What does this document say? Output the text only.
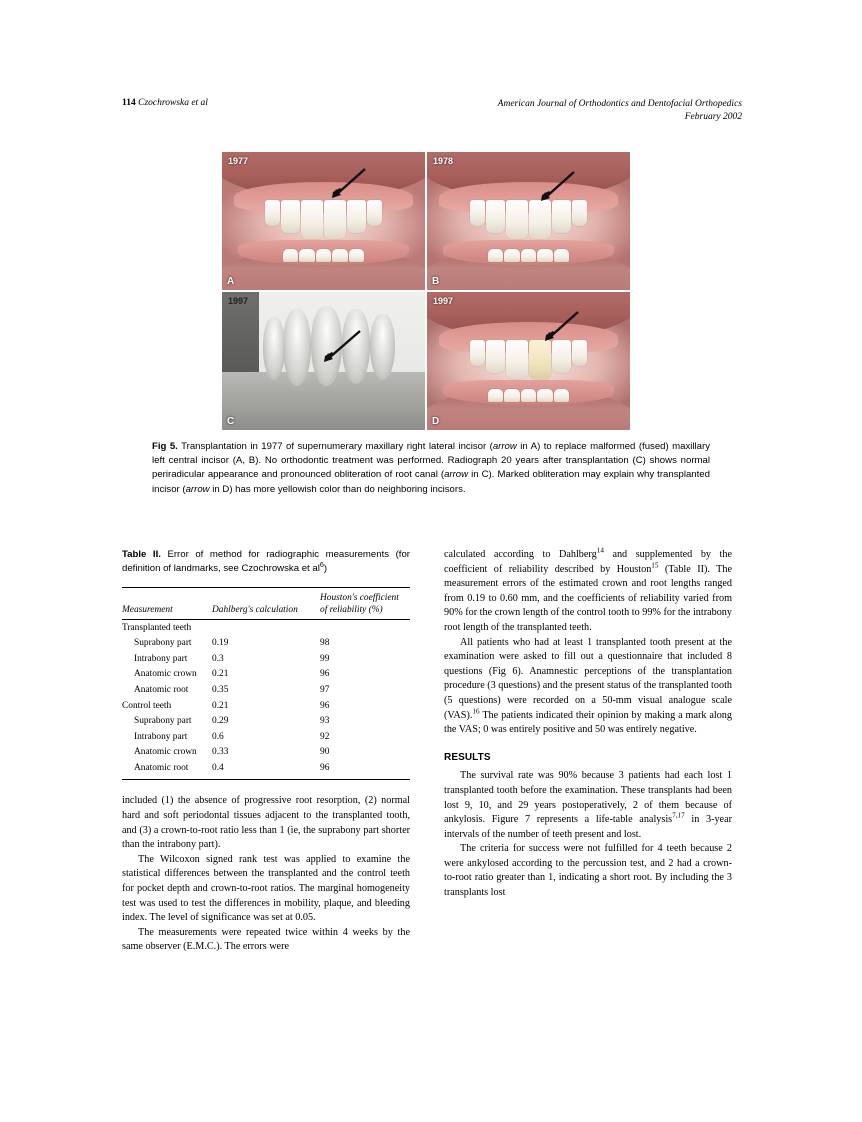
114 Czochrowska et al	American Journal of Orthodontics and Dentofacial Orthopedics
February 2002
1977
A
1978
B
1997
C
1997
D
Fig 5. Transplantation in 1977 of supernumerary maxillary right lateral incisor (arrow in A) to replace malformed (fused) maxillary left central incisor (A, B). No orthodontic treatment was performed. Radiograph 20 years after transplantation (C) shows normal periradicular appearance and pronounced obliteration of root canal (arrow in C). Marked obliteration may explain why transplanted incisor (arrow in D) has more yellowish color than do neighboring incisors.
Table II. Error of method for radiographic measurements (for definition of landmarks, see Czochrowska et $al^6$)
Measurement	Dahlberg's calculation	Houston's coefficient of reliability (%)
Transplanted teeth		
Suprabony part	0.19	98
Intrabony part	0.3	99
Anatomic crown	0.21	96
Anatomic root	0.35	97
Control teeth	0.21	96
Suprabony part	0.29	93
Intrabony part	0.6	92
Anatomic crown	0.33	90
Anatomic root	0.4	96

included (1) the absence of progressive root resorption, (2) normal hard and soft periodontal tissues adjacent to the transplanted tooth, and (3) a crown-to-root ratio less than 1 (ie, the suprabony part shorter than the intrabony part).

The Wilcoxon signed rank test was applied to examine the statistical differences between the transplanted and the control teeth for pocket depth and crown-to-root ratios. The marginal homogeneity test was used to test the differences in mobility, plaque, and bleeding index. The level of significance was set at 0.05.

The measurements were repeated twice within 4 weeks by the same observer (E.M.C.). The errors were

calculated according to Dahlberg$^{14}$ and supplemented by the coefficient of reliability described by Houston$^{15}$ (Table II). The measurement errors of the estimated crown and root lengths ranged from 0.19 to 0.60 mm, and the coefficients of reliability varied from 90% for the crown length of the control tooth to 99% for the intrabony root length of the transplanted teeth.

All patients who had at least 1 transplanted tooth present at the examination were asked to fill out a questionnaire that included 8 questions (Fig 6). Anamnestic perceptions of the transplantation procedure (3 questions) and the present status of the transplanted tooth (5 questions) were recorded on a 50-mm visual analogue scale (VAS).$^{16}$ The patients indicated their opinion by making a mark along the VAS; 0 was entirely positive and 50 was entirely negative.

RESULTS

The survival rate was 90% because 3 patients had each lost 1 transplanted tooth before the examination. These transplants had been lost 9, 10, and 29 years postoperatively, 2 of them because of ankylosis. Figure 7 represents a life-table analysis$^{7,17}$ in 3-year intervals of the number of teeth present and lost.

The criteria for success were not fulfilled for 4 teeth because 2 were ankylosed according to the percussion test, and 2 had a crown-to-root ratio greater than 1, indicating a short root. By including the 3 transplants lost
